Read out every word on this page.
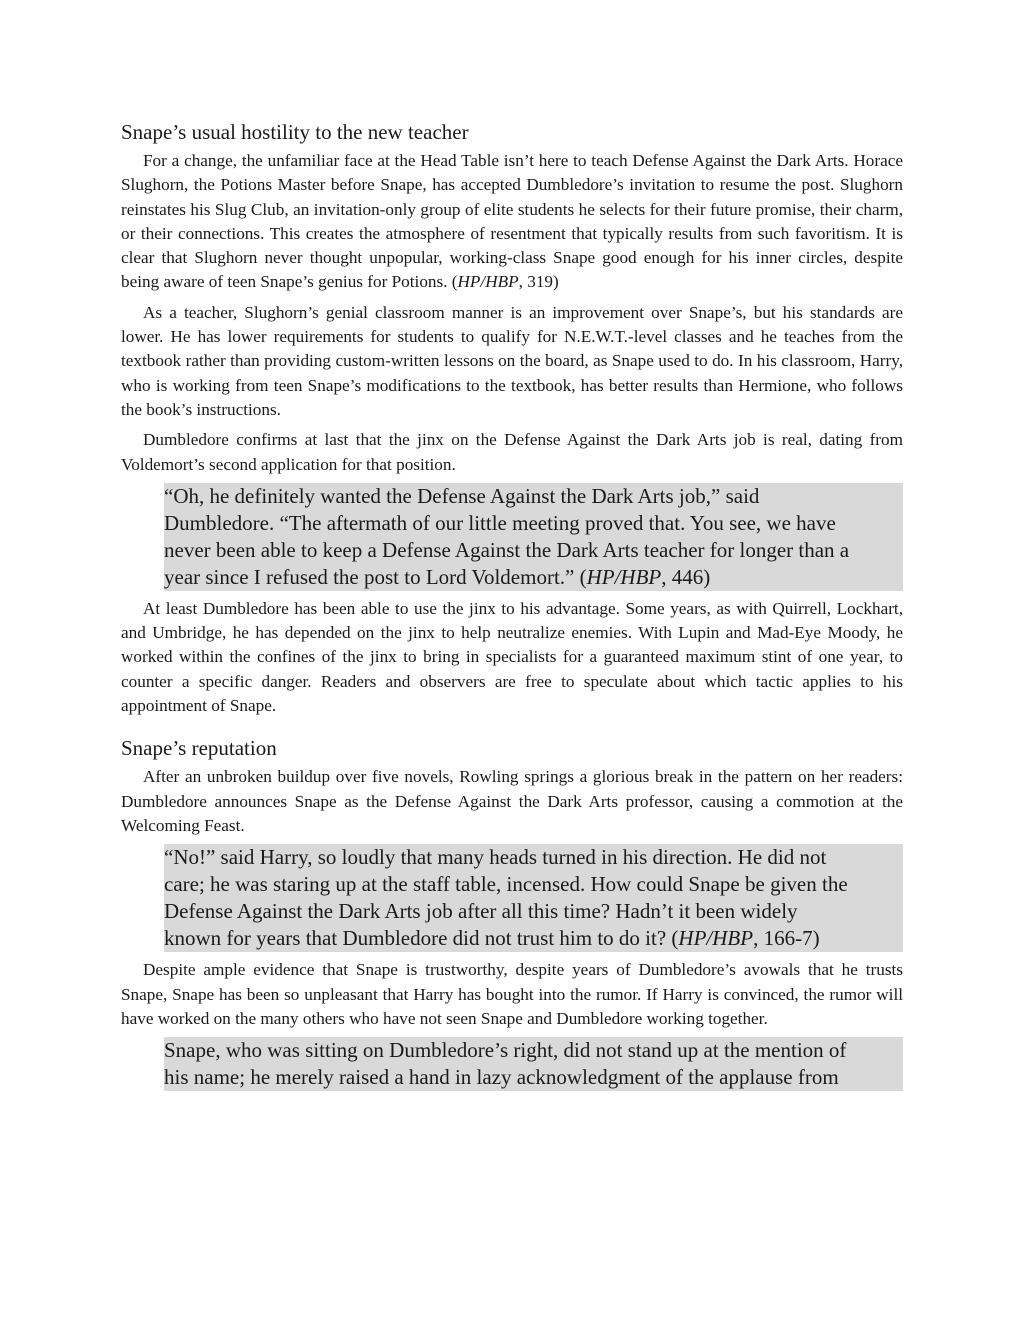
Snape’s usual hostility to the new teacher

For a change, the unfamiliar face at the Head Table isn’t here to teach Defense Against the Dark Arts. Horace Slughorn, the Potions Master before Snape, has accepted Dumbledore’s invitation to resume the post. Slughorn reinstates his Slug Club, an invitation-only group of elite students he selects for their future promise, their charm, or their connections. This creates the atmosphere of resentment that typically results from such favoritism. It is clear that Slughorn never thought unpopular, working-class Snape good enough for his inner circles, despite being aware of teen Snape’s genius for Potions. (HP/HBP, 319)

As a teacher, Slughorn’s genial classroom manner is an improvement over Snape’s, but his standards are lower. He has lower requirements for students to qualify for N.E.W.T.-level classes and he teaches from the textbook rather than providing custom-written lessons on the board, as Snape used to do. In his classroom, Harry, who is working from teen Snape’s modifications to the textbook, has better results than Hermione, who follows the book’s instructions.

Dumbledore confirms at last that the jinx on the Defense Against the Dark Arts job is real, dating from Voldemort’s second application for that position.

“Oh, he definitely wanted the Defense Against the Dark Arts job,” said
Dumbledore. “The aftermath of our little meeting proved that. You see, we have
never been able to keep a Defense Against the Dark Arts teacher for longer than a
year since I refused the post to Lord Voldemort.” (HP/HBP, 446)

At least Dumbledore has been able to use the jinx to his advantage. Some years, as with Quirrell, Lockhart, and Umbridge, he has depended on the jinx to help neutralize enemies. With Lupin and Mad-Eye Moody, he worked within the confines of the jinx to bring in specialists for a guaranteed maximum stint of one year, to counter a specific danger. Readers and observers are free to speculate about which tactic applies to his appointment of Snape.

Snape’s reputation

After an unbroken buildup over five novels, Rowling springs a glorious break in the pattern on her readers: Dumbledore announces Snape as the Defense Against the Dark Arts professor, causing a commotion at the Welcoming Feast.

“No!” said Harry, so loudly that many heads turned in his direction. He did not
care; he was staring up at the staff table, incensed. How could Snape be given the
Defense Against the Dark Arts job after all this time? Hadn’t it been widely
known for years that Dumbledore did not trust him to do it? (HP/HBP, 166-7)

Despite ample evidence that Snape is trustworthy, despite years of Dumbledore’s avowals that he trusts Snape, Snape has been so unpleasant that Harry has bought into the rumor. If Harry is convinced, the rumor will have worked on the many others who have not seen Snape and Dumbledore working together.

Snape, who was sitting on Dumbledore’s right, did not stand up at the mention of
his name; he merely raised a hand in lazy acknowledgment of the applause from
